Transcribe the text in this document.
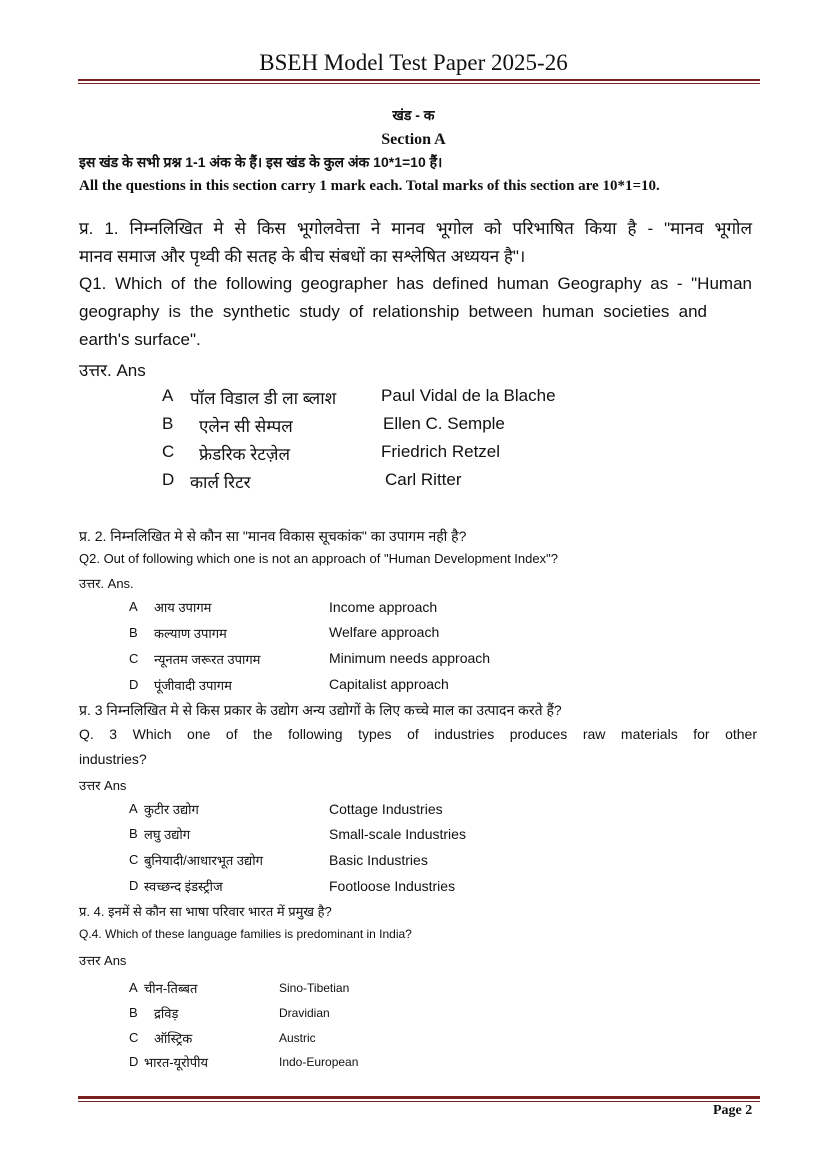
BSEH Model Test Paper 2025-26
खंड - क
Section A
इस खंड के सभी प्रश्न 1-1 अंक के हैं। इस खंड के कुल अंक 10*1=10 हैं।
All the questions in this section carry 1 mark each. Total marks of this section are 10*1=10.
प्र. 1. निम्नलिखित मे से किस भूगोलवेत्ता ने मानव भूगोल को परिभाषित किया है - "मानव भूगोल
मानव समाज और पृथ्वी की सतह के बीच संबधों का सश्लेषित अध्ययन है"।
Q1. Which of the following geographer has defined human Geography as - "Human
geography is the synthetic study of relationship between human societies and
earth's surface".
उत्तर. Ans
A पॉल विडाल डी ला ब्लाश	Paul Vidal de la Blache
B एलेन सी सेम्पल	Ellen C. Semple
C फ्रेडरिक रेटज़ेल	Friedrich Retzel
D कार्ल रिटर	Carl Ritter
प्र. 2. निम्नलिखित मे से कौन सा "मानव विकास सूचकांक" का उपागम नही है?
Q2. Out of following which one is not an approach of "Human Development Index"?
उत्तर. Ans.
A आय उपागम	Income approach
B कल्याण उपागम	Welfare approach
C न्यूनतम जरूरत उपागम	Minimum needs approach
D पूंजीवादी उपागम	Capitalist approach
प्र. 3 निम्नलिखित मे से किस प्रकार के उद्योग अन्य उद्योगों के लिए कच्चे माल का उत्पादन करते हैं?
Q. 3 Which one of the following types of industries produces raw materials for other
industries?
उत्तर Ans
A कुटीर उद्योग	Cottage Industries
B लघु उद्योग	Small-scale Industries
C बुनियादी/आधारभूत उद्योग	Basic Industries
D स्वच्छन्द इंडस्ट्रीज	Footloose Industries
प्र. 4. इनमें से कौन सा भाषा परिवार भारत में प्रमुख है?
Q.4. Which of these language families is predominant in India?
उत्तर Ans
A चीन-तिब्बत	Sino-Tibetian
B द्रविड़	Dravidian
C ऑस्ट्रिक	Austric
D भारत-यूरोपीय	Indo-European
Page 2
